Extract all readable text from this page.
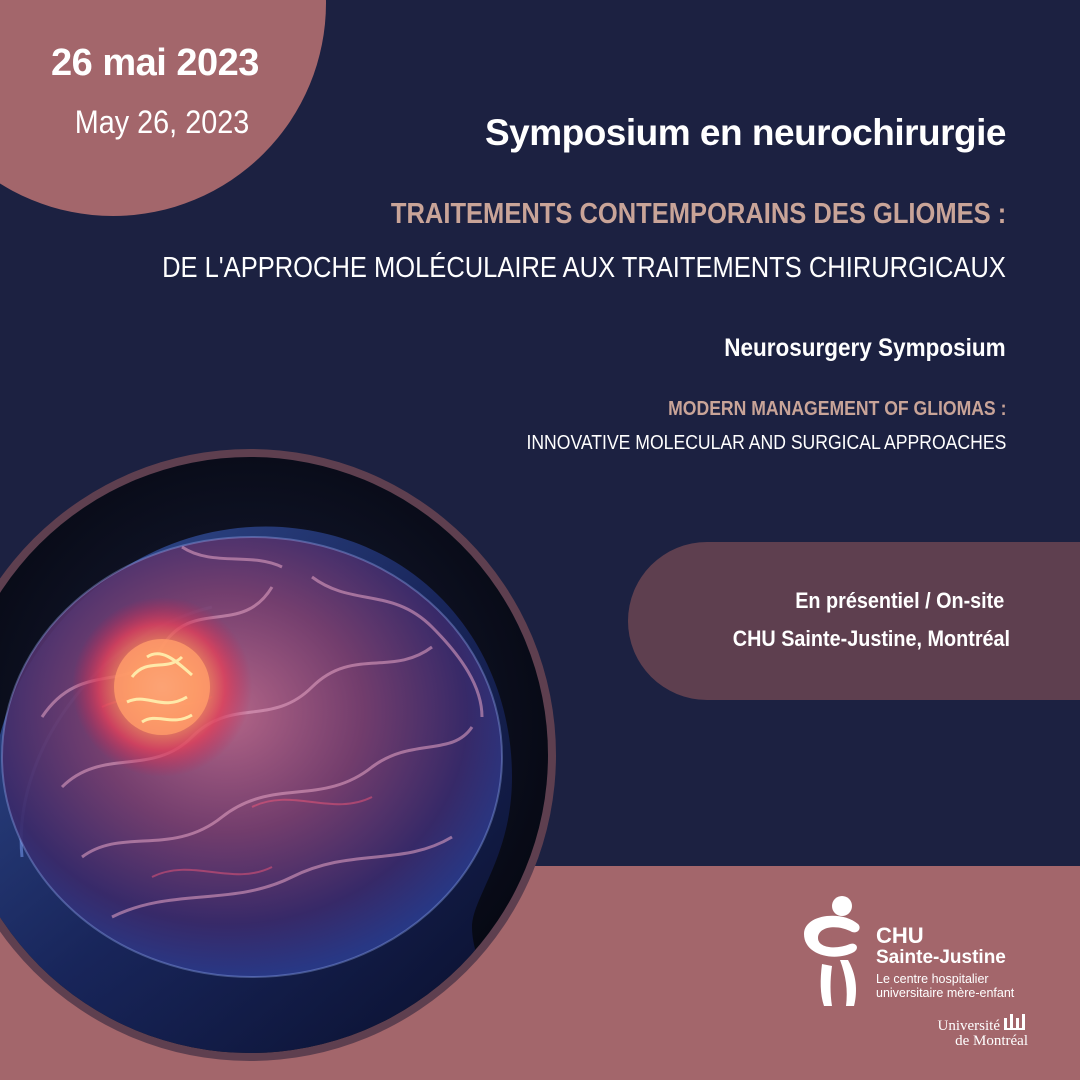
26 mai 2023
May 26, 2023	Symposium en neurochirurgie
TRAITEMENTS CONTEMPORAINS DES GLIOMES :
DE L'APPROCHE MOLÉCULAIRE AUX TRAITEMENTS CHIRURGICAUX
Neurosurgery Symposium
MODERN MANAGEMENT OF GLIOMAS :
INNOVATIVE MOLECULAR AND SURGICAL APPROACHES
En présentiel / On-site
CHU Sainte-Justine, Montréal
CHU
Sainte-Justine
Le centre hospitalier
universitaire mère-enfant
Université
de Montréal
